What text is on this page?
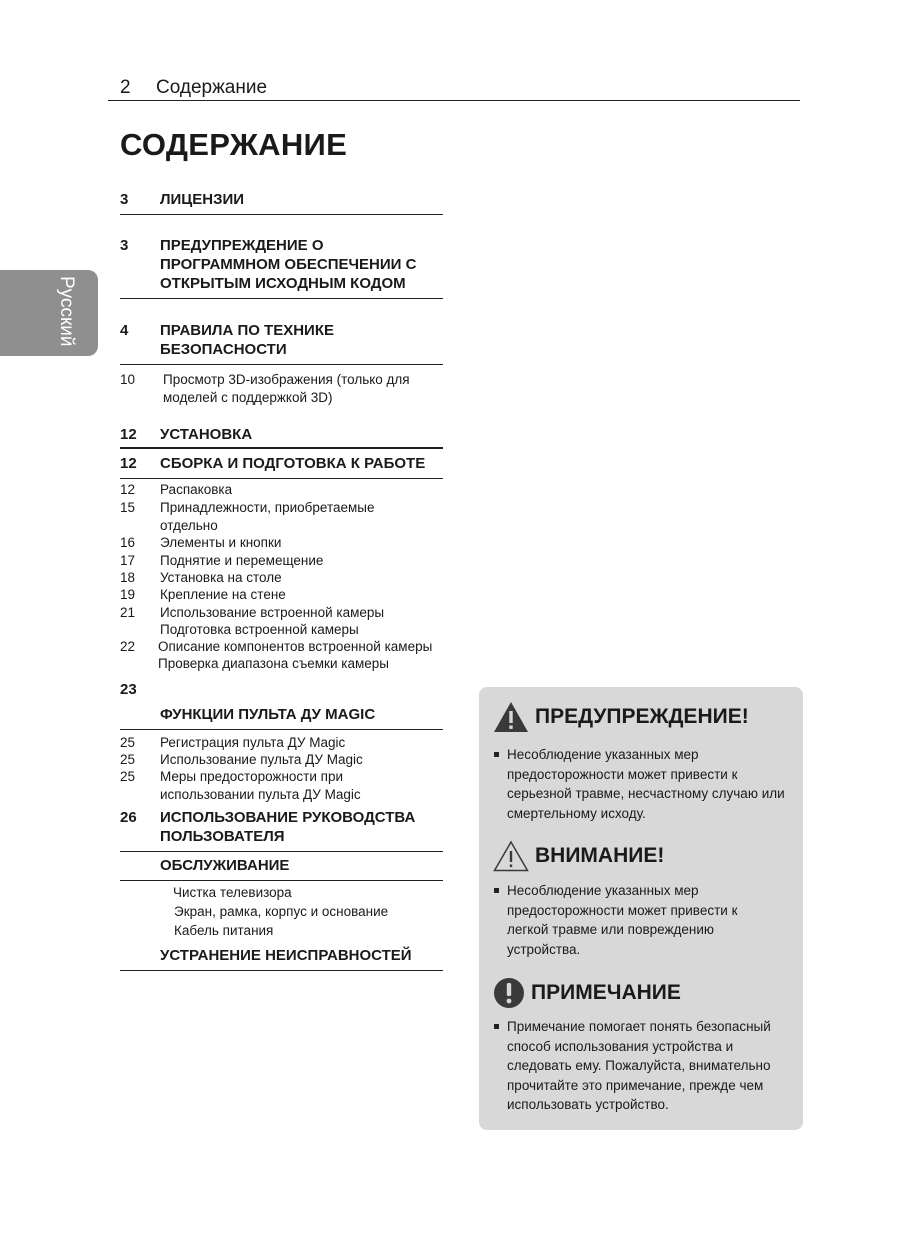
2 Содержание
СОДЕРЖАНИЕ
Русский
3 ЛИЦЕНЗИИ
3 ПРЕДУПРЕЖДЕНИЕ О ПРОГРАММНОМ ОБЕСПЕЧЕНИИ С ОТКРЫТЫМ ИСХОДНЫМ КОДОМ
4 ПРАВИЛА ПО ТЕХНИКЕ БЕЗОПАСНОСТИ
10 Просмотр 3D-изображения (только для моделей с поддержкой 3D)
12 УСТАНОВКА
12 СБОРКА И ПОДГОТОВКА К РАБОТЕ
12 Распаковка
15 Принадлежности, приобретаемые отдельно
16 Элементы и кнопки
17 Поднятие и перемещение
18 Установка на столе
19 Крепление на стене
21 Использование встроенной камеры
Подготовка встроенной камеры
22 Описание компонентов встроенной камеры
Проверка диапазона съемки камеры
23
ФУНКЦИИ ПУЛЬТА ДУ MAGIC
25 Регистрация пульта ДУ Magic
25 Использование пульта ДУ Magic
25 Меры предосторожности при использовании пульта ДУ Magic
26 ИСПОЛЬЗОВАНИЕ РУКОВОДСТВА ПОЛЬЗОВАТЕЛЯ
ОБСЛУЖИВАНИЕ
Чистка телевизора
Экран, рамка, корпус и основание
Кабель питания
УСТРАНЕНИЕ НЕИСПРАВНОСТЕЙ
ПРЕДУПРЕЖДЕНИЕ!
Несоблюдение указанных мер предосторожности может привести к серьезной травме, несчастному случаю или смертельному исходу.
ВНИМАНИЕ!
Несоблюдение указанных мер предосторожности может привести к легкой травме или повреждению устройства.
ПРИМЕЧАНИЕ
Примечание помогает понять безопасный способ использования устройства и следовать ему. Пожалуйста, внимательно прочитайте это примечание, прежде чем использовать устройство.
